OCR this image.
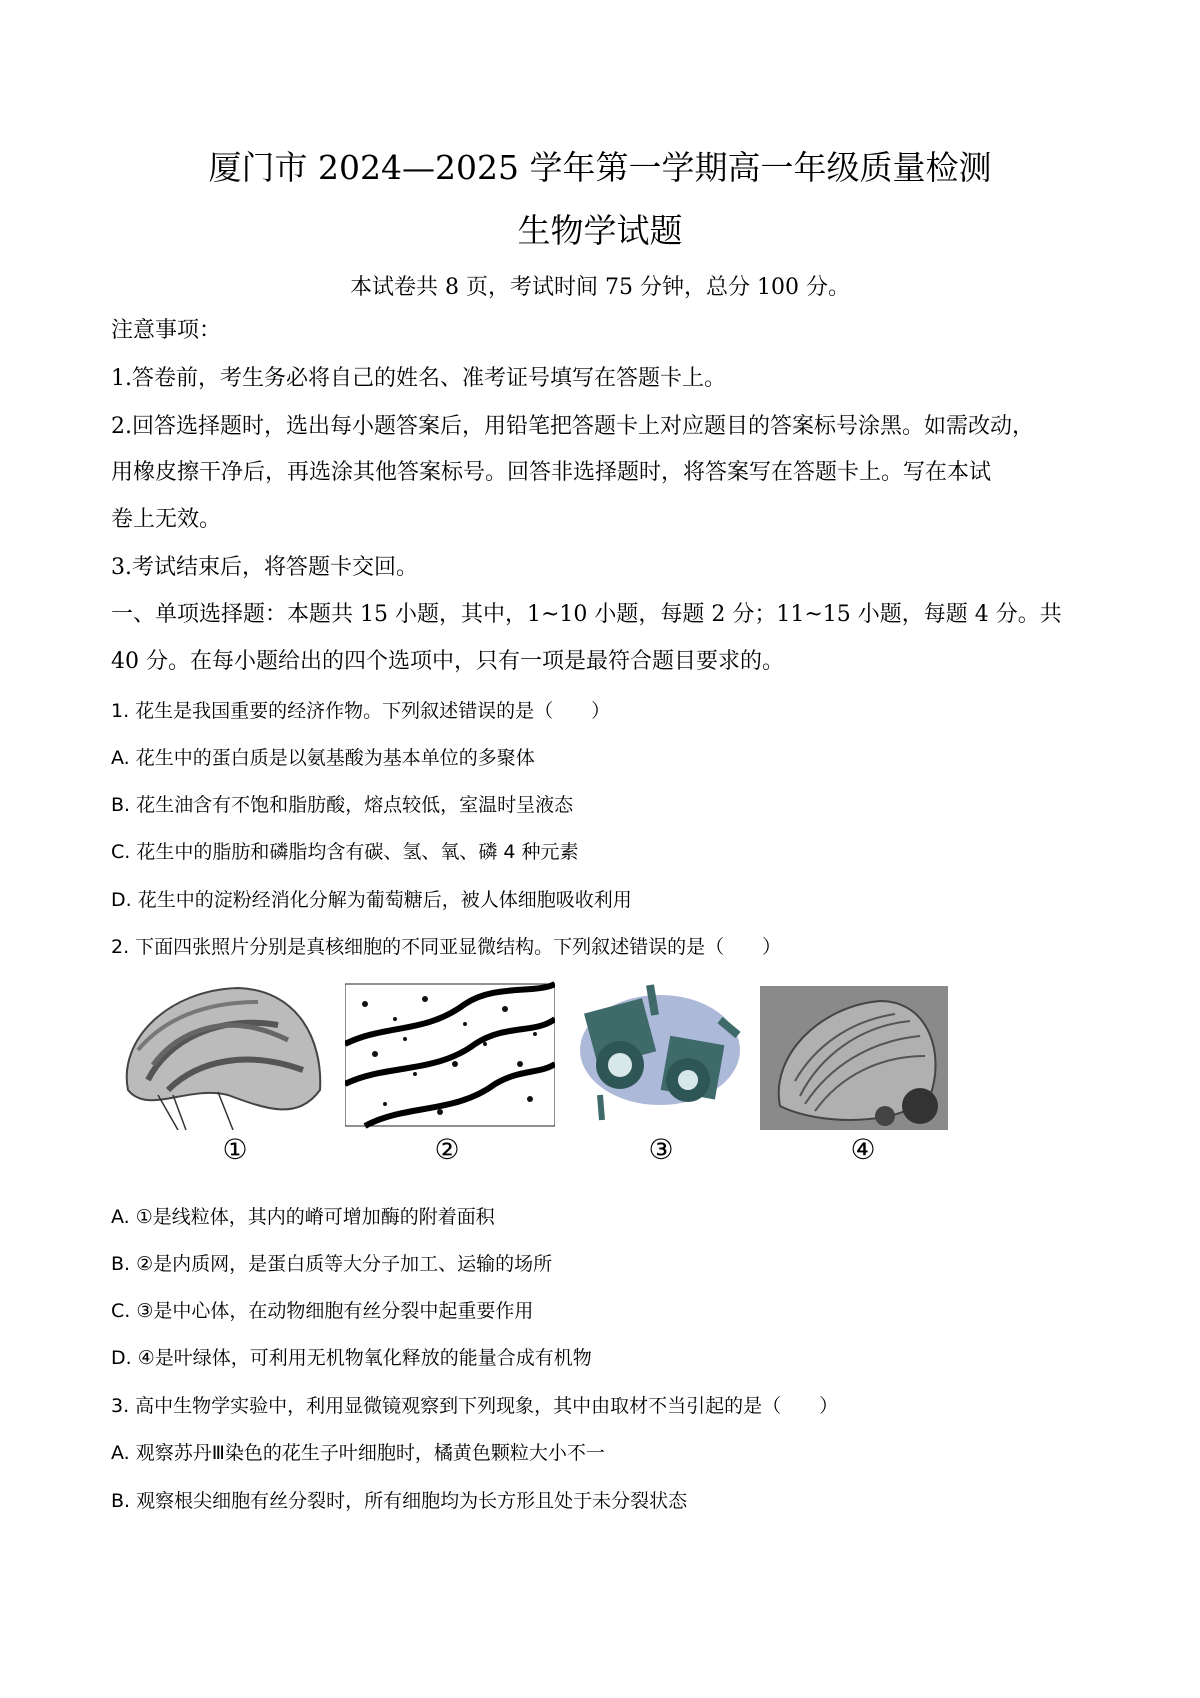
厦门市 2024—2025 学年第一学期高一年级质量检测
生物学试题
本试卷共 8 页，考试时间 75 分钟，总分 100 分。
注意事项：
1.答卷前，考生务必将自己的姓名、准考证号填写在答题卡上。
2.回答选择题时，选出每小题答案后，用铅笔把答题卡上对应题目的答案标号涂黑。如需改动，
用橡皮擦干净后，再选涂其他答案标号。回答非选择题时，将答案写在答题卡上。写在本试
卷上无效。
3.考试结束后，将答题卡交回。
一、单项选择题：本题共 15 小题，其中，1~10 小题，每题 2 分；11~15 小题，每题 4 分。共
40 分。在每小题给出的四个选项中，只有一项是最符合题目要求的。
1. 花生是我国重要的经济作物。下列叙述错误的是（　　）
A. 花生中的蛋白质是以氨基酸为基本单位的多聚体
B. 花生油含有不饱和脂肪酸，熔点较低，室温时呈液态
C. 花生中的脂肪和磷脂均含有碳、氢、氧、磷 4 种元素
D. 花生中的淀粉经消化分解为葡萄糖后，被人体细胞吸收利用
2. 下面四张照片分别是真核细胞的不同亚显微结构。下列叙述错误的是（　　）
①	②	③	④
A. ①是线粒体，其内的嵴可增加酶的附着面积
B. ②是内质网，是蛋白质等大分子加工、运输的场所
C. ③是中心体，在动物细胞有丝分裂中起重要作用
D. ④是叶绿体，可利用无机物氧化释放的能量合成有机物
3. 高中生物学实验中，利用显微镜观察到下列现象，其中由取材不当引起的是（　　）
A. 观察苏丹Ⅲ染色的花生子叶细胞时，橘黄色颗粒大小不一
B. 观察根尖细胞有丝分裂时，所有细胞均为长方形且处于未分裂状态
